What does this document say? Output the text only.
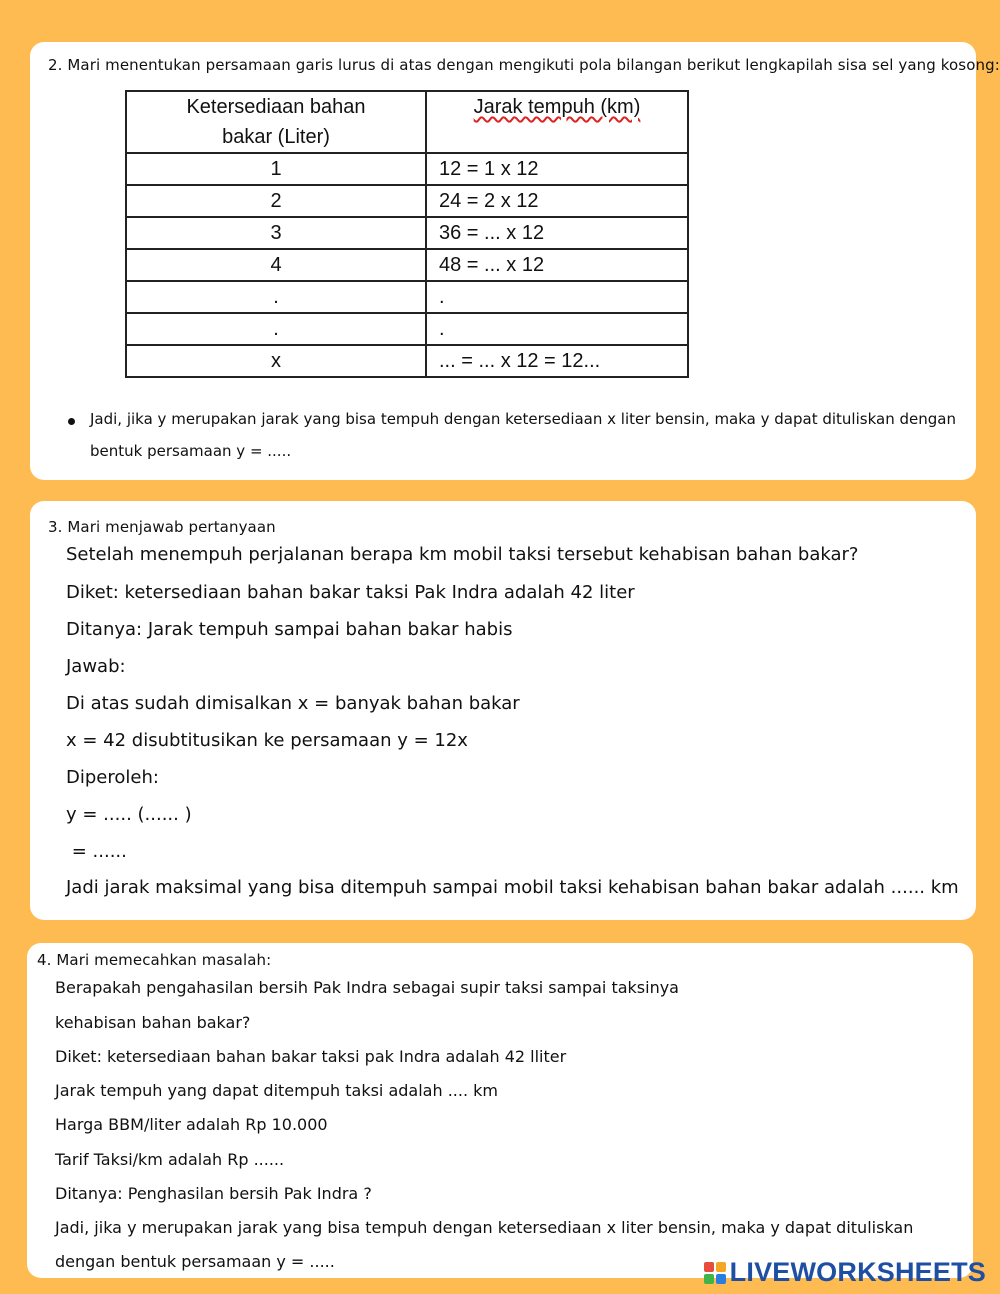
2. Mari menentukan persamaan garis lurus di atas dengan mengikuti pola bilangan berikut lengkapilah sisa sel yang kosong:
Ketersediaan bahan
bakar (Liter)	Jarak tempuh (km)
1	12 = 1 x 12
2	24 = 2 x 12
3	36 = ... x 12
4	48 = ... x 12
.	.
.	.
x	... = ... x 12 = 12...
Jadi, jika y merupakan jarak yang bisa tempuh dengan ketersediaan x liter bensin, maka y dapat dituliskan dengan
bentuk persamaan y = .....
3. Mari menjawab pertanyaan
Setelah menempuh perjalanan berapa km mobil taksi tersebut kehabisan bahan bakar?
Diket: ketersediaan bahan bakar taksi Pak Indra adalah 42 liter
Ditanya: Jarak tempuh sampai bahan bakar habis
Jawab:
Di atas sudah dimisalkan x = banyak bahan bakar
x = 42 disubtitusikan ke persamaan y = 12x
Diperoleh:
y = ..... (...... )
= ......
Jadi jarak maksimal yang bisa ditempuh sampai mobil taksi kehabisan bahan bakar adalah ...... km
4. Mari memecahkan masalah:
Berapakah pengahasilan bersih Pak Indra sebagai supir taksi sampai taksinya
kehabisan bahan bakar?
Diket: ketersediaan bahan bakar taksi pak Indra adalah 42 lliter
Jarak tempuh yang dapat ditempuh taksi adalah .... km
Harga BBM/liter adalah Rp 10.000
Tarif Taksi/km adalah Rp ......
Ditanya: Penghasilan bersih Pak Indra ?
Jadi, jika y merupakan jarak yang bisa tempuh dengan ketersediaan x liter bensin, maka y dapat dituliskan
dengan bentuk persamaan y = .....	LIVEWORKSHEETS
